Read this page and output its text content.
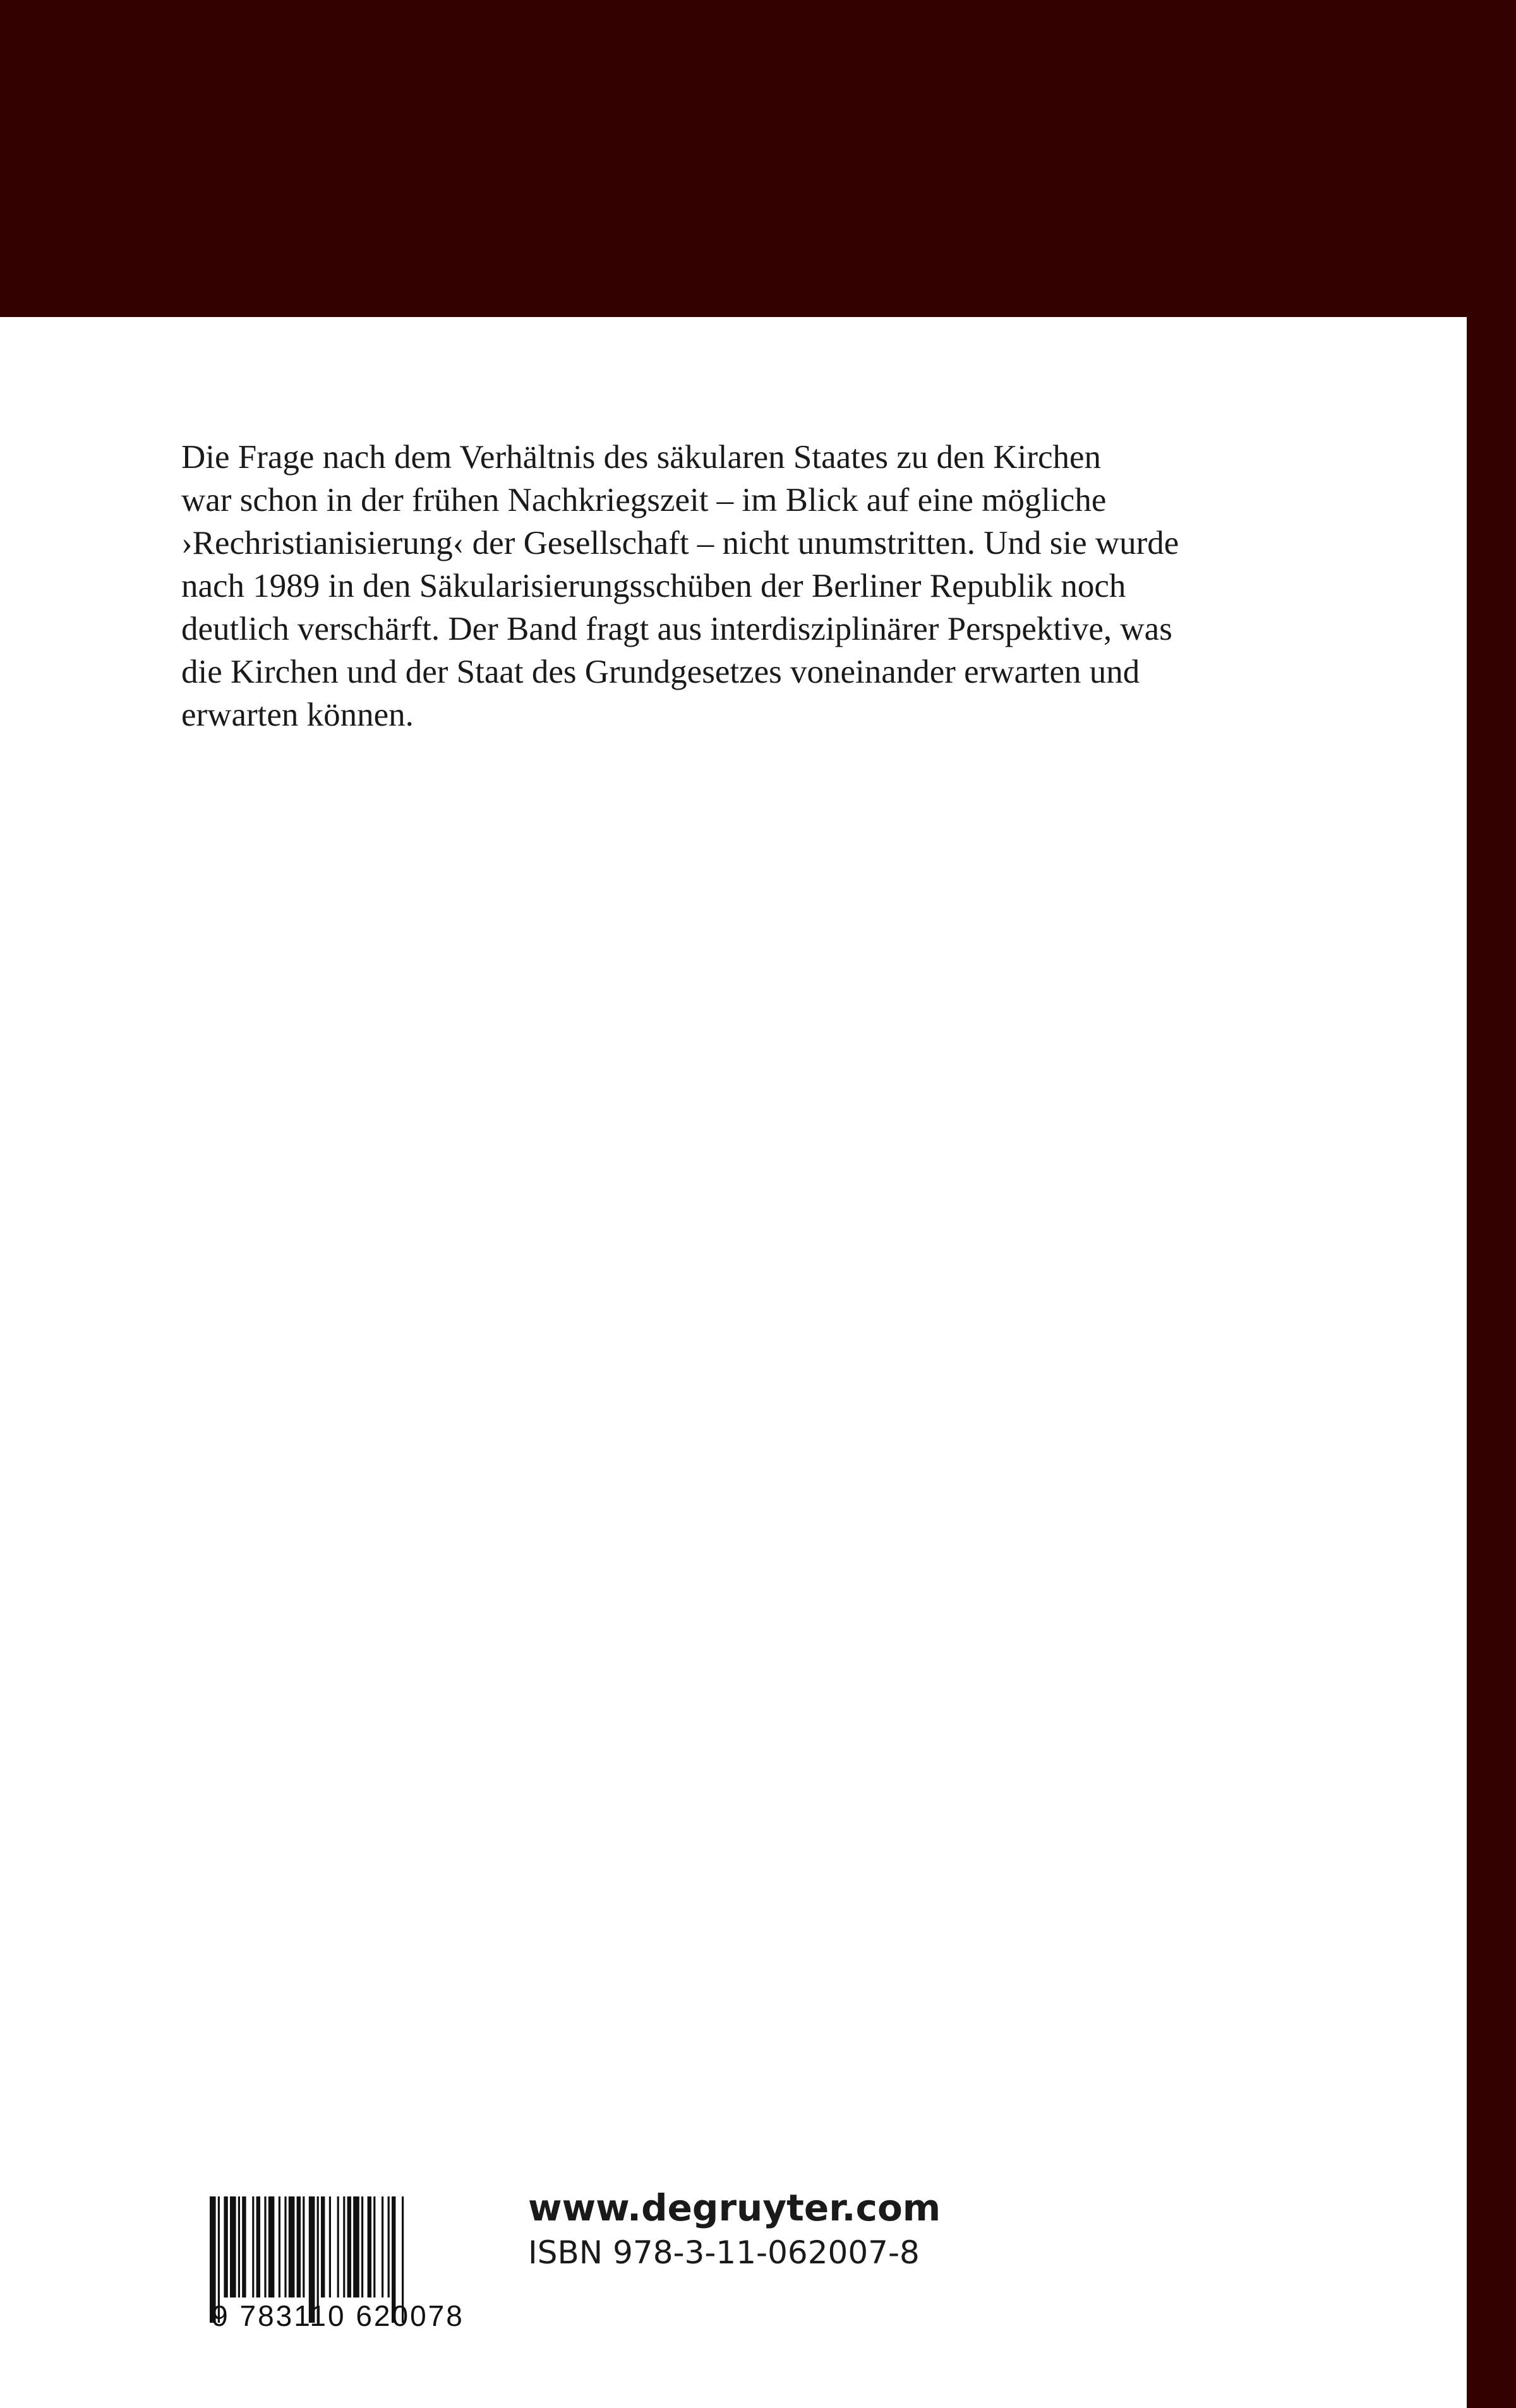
Die Frage nach dem Verhältnis des säkularen Staates zu den Kirchen
war schon in der frühen Nachkriegszeit – im Blick auf eine mögliche
›Rechristianisierung‹ der Gesellschaft – nicht unumstritten. Und sie wurde
nach 1989 in den Säkularisierungsschüben der Berliner Republik noch
deutlich verschärft. Der Band fragt aus interdisziplinärer Perspektive, was
die Kirchen und der Staat des Grundgesetzes voneinander erwarten und
erwarten können.

9 783110 620078
www.degruyter.com
ISBN 978-3-11-062007-8
